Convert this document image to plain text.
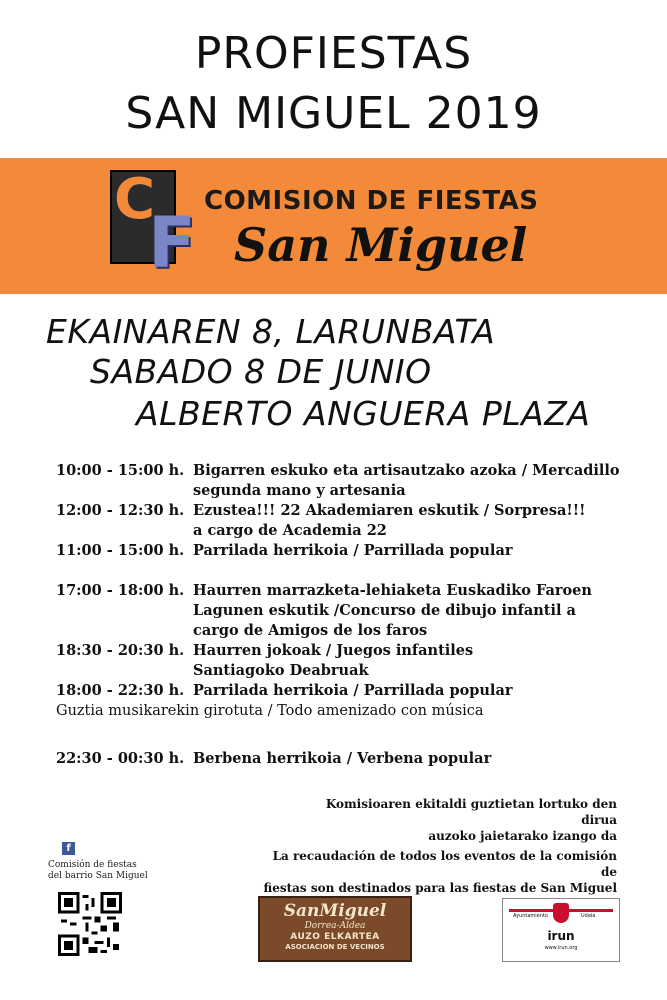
PROFIESTAS
SAN MIGUEL 2019
C
F
COMISION DE FIESTAS
San Miguel
EKAINAREN 8, LARUNBATA
SABADO 8 DE JUNIO
ALBERTO ANGUERA PLAZA
10:00 - 15:00 h. Bigarren eskuko eta artisautzako azoka / Mercadillo
segunda mano y artesania
12:00 - 12:30 h. Ezustea!!! 22 Akademiaren eskutik / Sorpresa!!!
a cargo de Academia 22
11:00 - 15:00 h. Parrilada herrikoia / Parrillada popular
17:00 - 18:00 h. Haurren marrazketa-lehiaketa Euskadiko Faroen
Lagunen eskutik /Concurso de dibujo infantil a
cargo de Amigos de los faros
18:30 - 20:30 h. Haurren jokoak / Juegos infantiles
Santiagoko Deabruak
18:00 - 22:30 h. Parrilada herrikoia / Parrillada popular
Guztia musikarekin girotuta / Todo amenizado con música
22:30 - 00:30 h. Berbena herrikoia / Verbena popular
Komisioaren ekitaldi guztietan lortuko den dirua
auzoko jaietarako izango da
La recaudación de todos los eventos de la comisión de
fiestas son destinados para las fiestas de San Miguel
f
Comisión de fiestas
del barrio San Miguel
SanMiguel
Dorrea-Aldea
AUZO ELKARTEA
ASOCIACION DE VECINOS
Ayuntamiento	Udala
irun
www.irun.org
